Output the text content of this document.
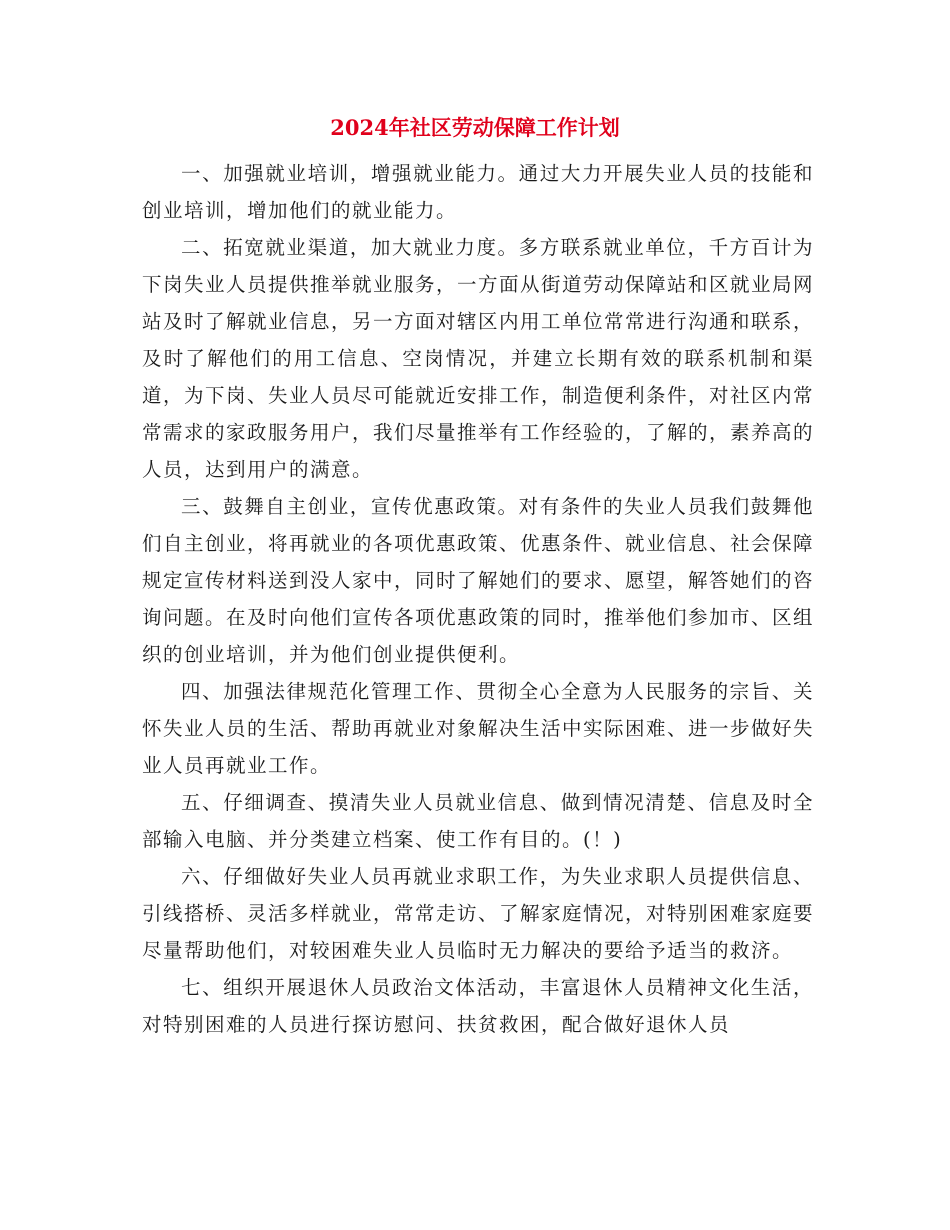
2024年社区劳动保障工作计划

一、加强就业培训，增强就业能力。通过大力开展失业人员的技能和创业培训，增加他们的就业能力。

二、拓宽就业渠道，加大就业力度。多方联系就业单位，千方百计为下岗失业人员提供推举就业服务，一方面从街道劳动保障站和区就业局网站及时了解就业信息，另一方面对辖区内用工单位常常进行沟通和联系，及时了解他们的用工信息、空岗情况，并建立长期有效的联系机制和渠道，为下岗、失业人员尽可能就近安排工作，制造便利条件，对社区内常常需求的家政服务用户，我们尽量推举有工作经验的，了解的，素养高的人员，达到用户的满意。

三、鼓舞自主创业，宣传优惠政策。对有条件的失业人员我们鼓舞他们自主创业，将再就业的各项优惠政策、优惠条件、就业信息、社会保障规定宣传材料送到没人家中，同时了解她们的要求、愿望，解答她们的咨询问题。在及时向他们宣传各项优惠政策的同时，推举他们参加市、区组织的创业培训，并为他们创业提供便利。

四、加强法律规范化管理工作、贯彻全心全意为人民服务的宗旨、关怀失业人员的生活、帮助再就业对象解决生活中实际困难、进一步做好失业人员再就业工作。

五、仔细调查、摸清失业人员就业信息、做到情况清楚、信息及时全部输入电脑、并分类建立档案、使工作有目的。(！)

六、仔细做好失业人员再就业求职工作，为失业求职人员提供信息、引线搭桥、灵活多样就业，常常走访、了解家庭情况，对特别困难家庭要尽量帮助他们，对较困难失业人员临时无力解决的要给予适当的救济。

七、组织开展退休人员政治文体活动，丰富退休人员精神文化生活，对特别困难的人员进行探访慰问、扶贫救困，配合做好退休人员
